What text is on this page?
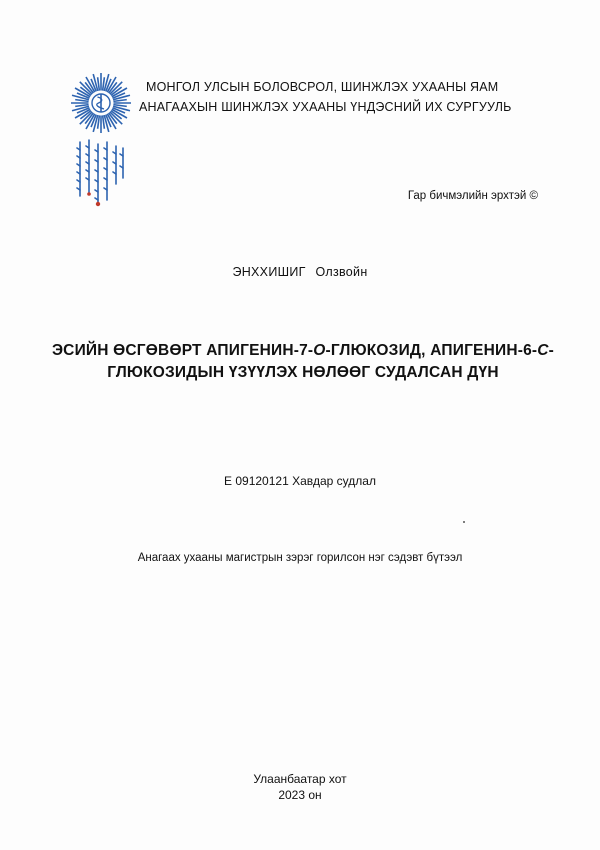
МОНГОЛ УЛСЫН БОЛОВСРОЛ, ШИНЖЛЭХ УХААНЫ ЯАМ
АНАГААХЫН ШИНЖЛЭХ УХААНЫ ҮНДЭСНИЙ ИХ СУРГУУЛЬ
Гар бичмэлийн эрхтэй ©
ЭНХХИШИГ Олзвойн
ЭСИЙН ӨСГӨВӨРТ АПИГЕНИН-7-O-ГЛЮКОЗИД, АПИГЕНИН-6-C-
ГЛЮКОЗИДЫН ҮЗҮҮЛЭХ НӨЛӨӨГ СУДАЛСАН ДҮН
Е 09120121 Хавдар судлал
Анагаах ухааны магистрын зэрэг горилсон нэг сэдэвт бүтээл
Улаанбаатар хот
2023 он
